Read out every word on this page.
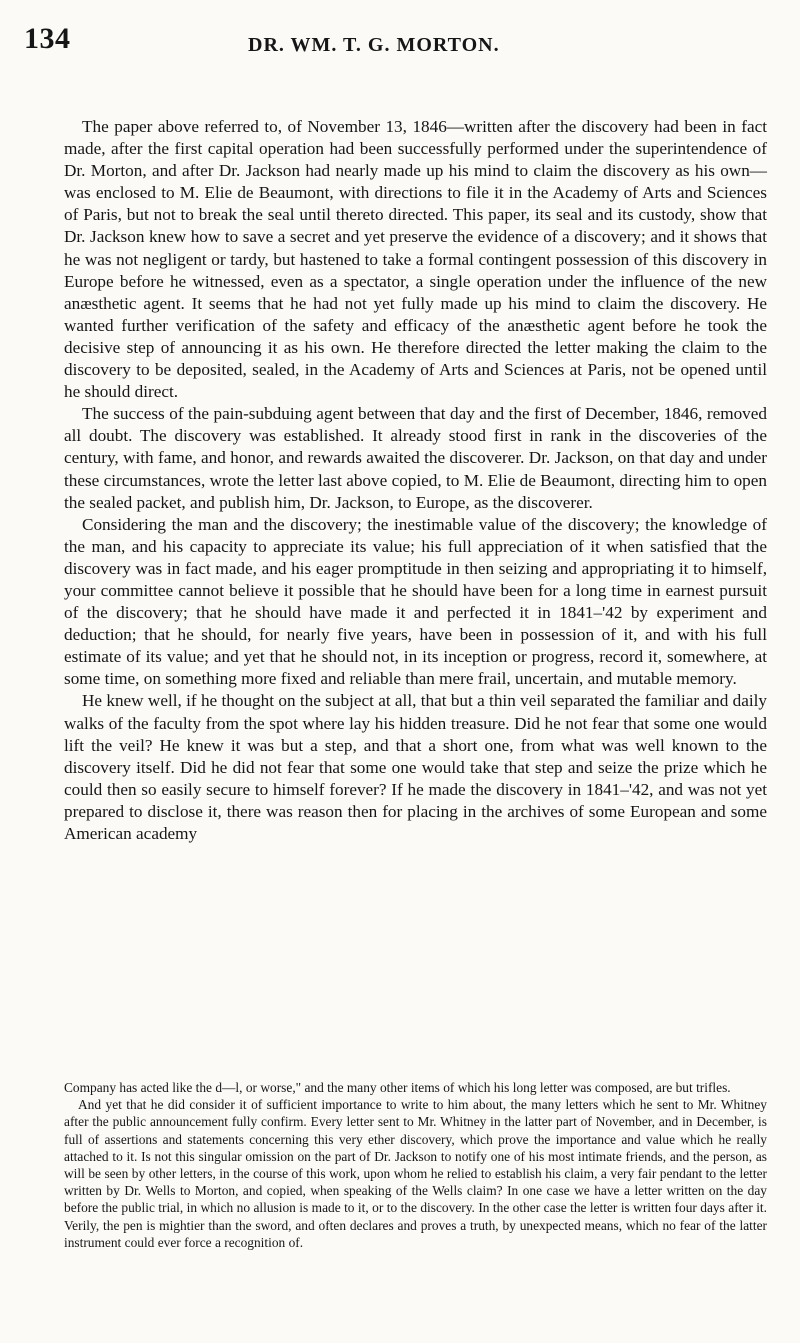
134	DR. WM. T. G. MORTON.

The paper above referred to, of November 13, 1846—written after the discovery had been in fact made, after the first capital operation had been successfully performed under the superintendence of Dr. Morton, and after Dr. Jackson had nearly made up his mind to claim the discovery as his own—was enclosed to M. Elie de Beaumont, with directions to file it in the Academy of Arts and Sciences of Paris, but not to break the seal until thereto directed. This paper, its seal and its custody, show that Dr. Jackson knew how to save a secret and yet preserve the evidence of a discovery; and it shows that he was not negligent or tardy, but hastened to take a formal contingent possession of this discovery in Europe before he witnessed, even as a spectator, a single operation under the influence of the new anæsthetic agent. It seems that he had not yet fully made up his mind to claim the discovery. He wanted further verification of the safety and efficacy of the anæsthetic agent before he took the decisive step of announcing it as his own. He therefore directed the letter making the claim to the discovery to be deposited, sealed, in the Academy of Arts and Sciences at Paris, not be opened until he should direct.

The success of the pain-subduing agent between that day and the first of December, 1846, removed all doubt. The discovery was established. It already stood first in rank in the discoveries of the century, with fame, and honor, and rewards awaited the discoverer. Dr. Jackson, on that day and under these circumstances, wrote the letter last above copied, to M. Elie de Beaumont, directing him to open the sealed packet, and publish him, Dr. Jackson, to Europe, as the discoverer.

Considering the man and the discovery; the inestimable value of the discovery; the knowledge of the man, and his capacity to appreciate its value; his full appreciation of it when satisfied that the discovery was in fact made, and his eager promptitude in then seizing and appropriating it to himself, your committee cannot believe it possible that he should have been for a long time in earnest pursuit of the discovery; that he should have made it and perfected it in 1841–'42 by experiment and deduction; that he should, for nearly five years, have been in possession of it, and with his full estimate of its value; and yet that he should not, in its inception or progress, record it, somewhere, at some time, on something more fixed and reliable than mere frail, uncertain, and mutable memory.

He knew well, if he thought on the subject at all, that but a thin veil separated the familiar and daily walks of the faculty from the spot where lay his hidden treasure. Did he not fear that some one would lift the veil? He knew it was but a step, and that a short one, from what was well known to the discovery itself. Did he did not fear that some one would take that step and seize the prize which he could then so easily secure to himself forever? If he made the discovery in 1841–'42, and was not yet prepared to disclose it, there was reason then for placing in the archives of some European and some American academy

Company has acted like the d—l, or worse," and the many other items of which his long letter was composed, are but trifles.

And yet that he did consider it of sufficient importance to write to him about, the many letters which he sent to Mr. Whitney after the public announcement fully confirm. Every letter sent to Mr. Whitney in the latter part of November, and in December, is full of assertions and statements concerning this very ether discovery, which prove the importance and value which he really attached to it. Is not this singular omission on the part of Dr. Jackson to notify one of his most intimate friends, and the person, as will be seen by other letters, in the course of this work, upon whom he relied to establish his claim, a very fair pendant to the letter written by Dr. Wells to Morton, and copied, when speaking of the Wells claim? In one case we have a letter written on the day before the public trial, in which no allusion is made to it, or to the discovery. In the other case the letter is written four days after it. Verily, the pen is mightier than the sword, and often declares and proves a truth, by unexpected means, which no fear of the latter instrument could ever force a recognition of.
